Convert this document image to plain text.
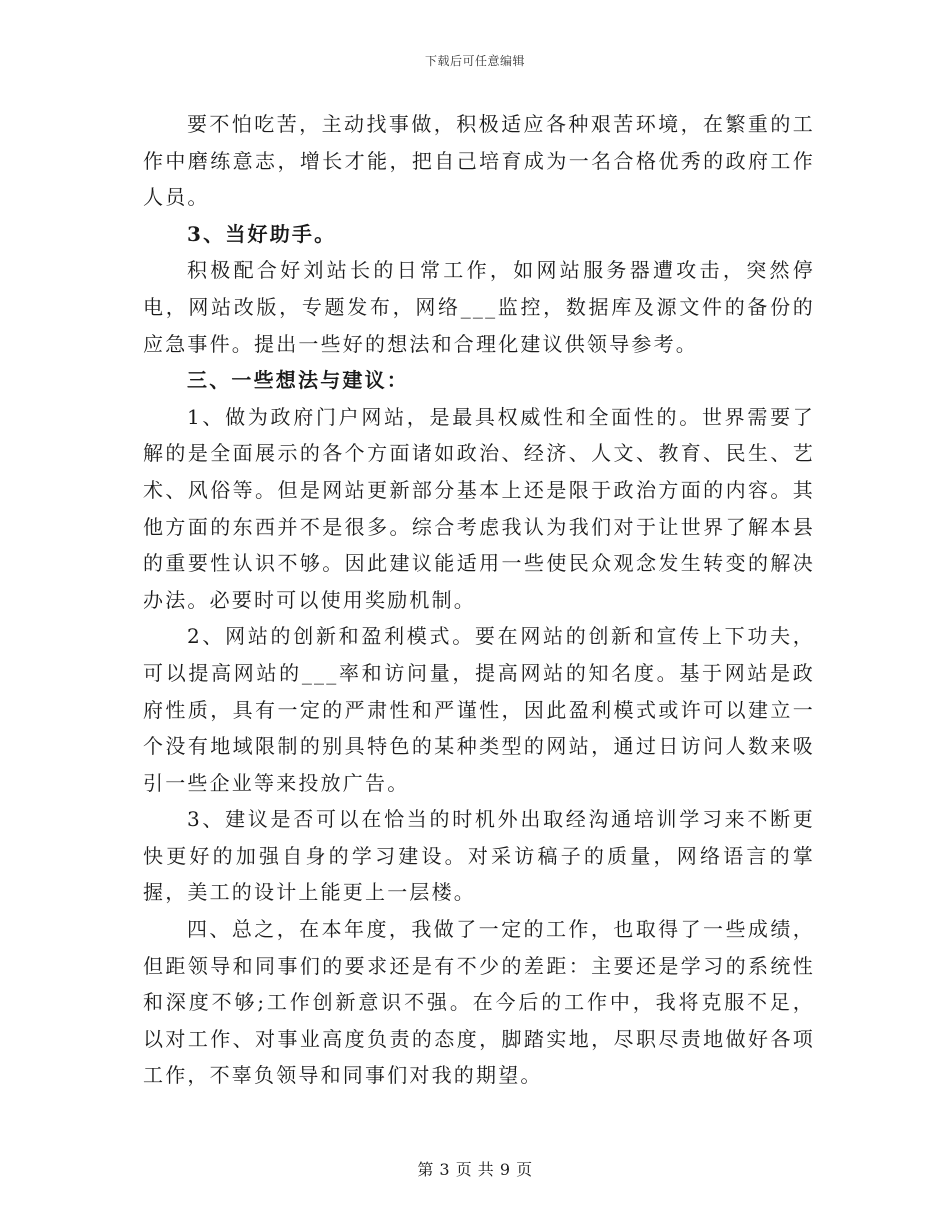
下载后可任意编辑

要不怕吃苦，主动找事做，积极适应各种艰苦环境，在繁重的工作中磨练意志，增长才能，把自己培育成为一名合格优秀的政府工作人员。

3、当好助手。

积极配合好刘站长的日常工作，如网站服务器遭攻击，突然停电，网站改版，专题发布，网络___监控，数据库及源文件的备份的应急事件。提出一些好的想法和合理化建议供领导参考。

三、一些想法与建议：

1、做为政府门户网站，是最具权威性和全面性的。世界需要了解的是全面展示的各个方面诸如政治、经济、人文、教育、民生、艺术、风俗等。但是网站更新部分基本上还是限于政治方面的内容。其他方面的东西并不是很多。综合考虑我认为我们对于让世界了解本县的重要性认识不够。因此建议能适用一些使民众观念发生转变的解决办法。必要时可以使用奖励机制。

2、网站的创新和盈利模式。要在网站的创新和宣传上下功夫，可以提高网站的___率和访问量，提高网站的知名度。基于网站是政府性质，具有一定的严肃性和严谨性，因此盈利模式或许可以建立一个没有地域限制的别具特色的某种类型的网站，通过日访问人数来吸引一些企业等来投放广告。

3、建议是否可以在恰当的时机外出取经沟通培训学习来不断更快更好的加强自身的学习建设。对采访稿子的质量，网络语言的掌握，美工的设计上能更上一层楼。

四、总之，在本年度，我做了一定的工作，也取得了一些成绩，但距领导和同事们的要求还是有不少的差距：主要还是学习的系统性和深度不够;工作创新意识不强。在今后的工作中，我将克服不足，以对工作、对事业高度负责的态度，脚踏实地，尽职尽责地做好各项工作，不辜负领导和同事们对我的期望。

第 3 页 共 9 页
